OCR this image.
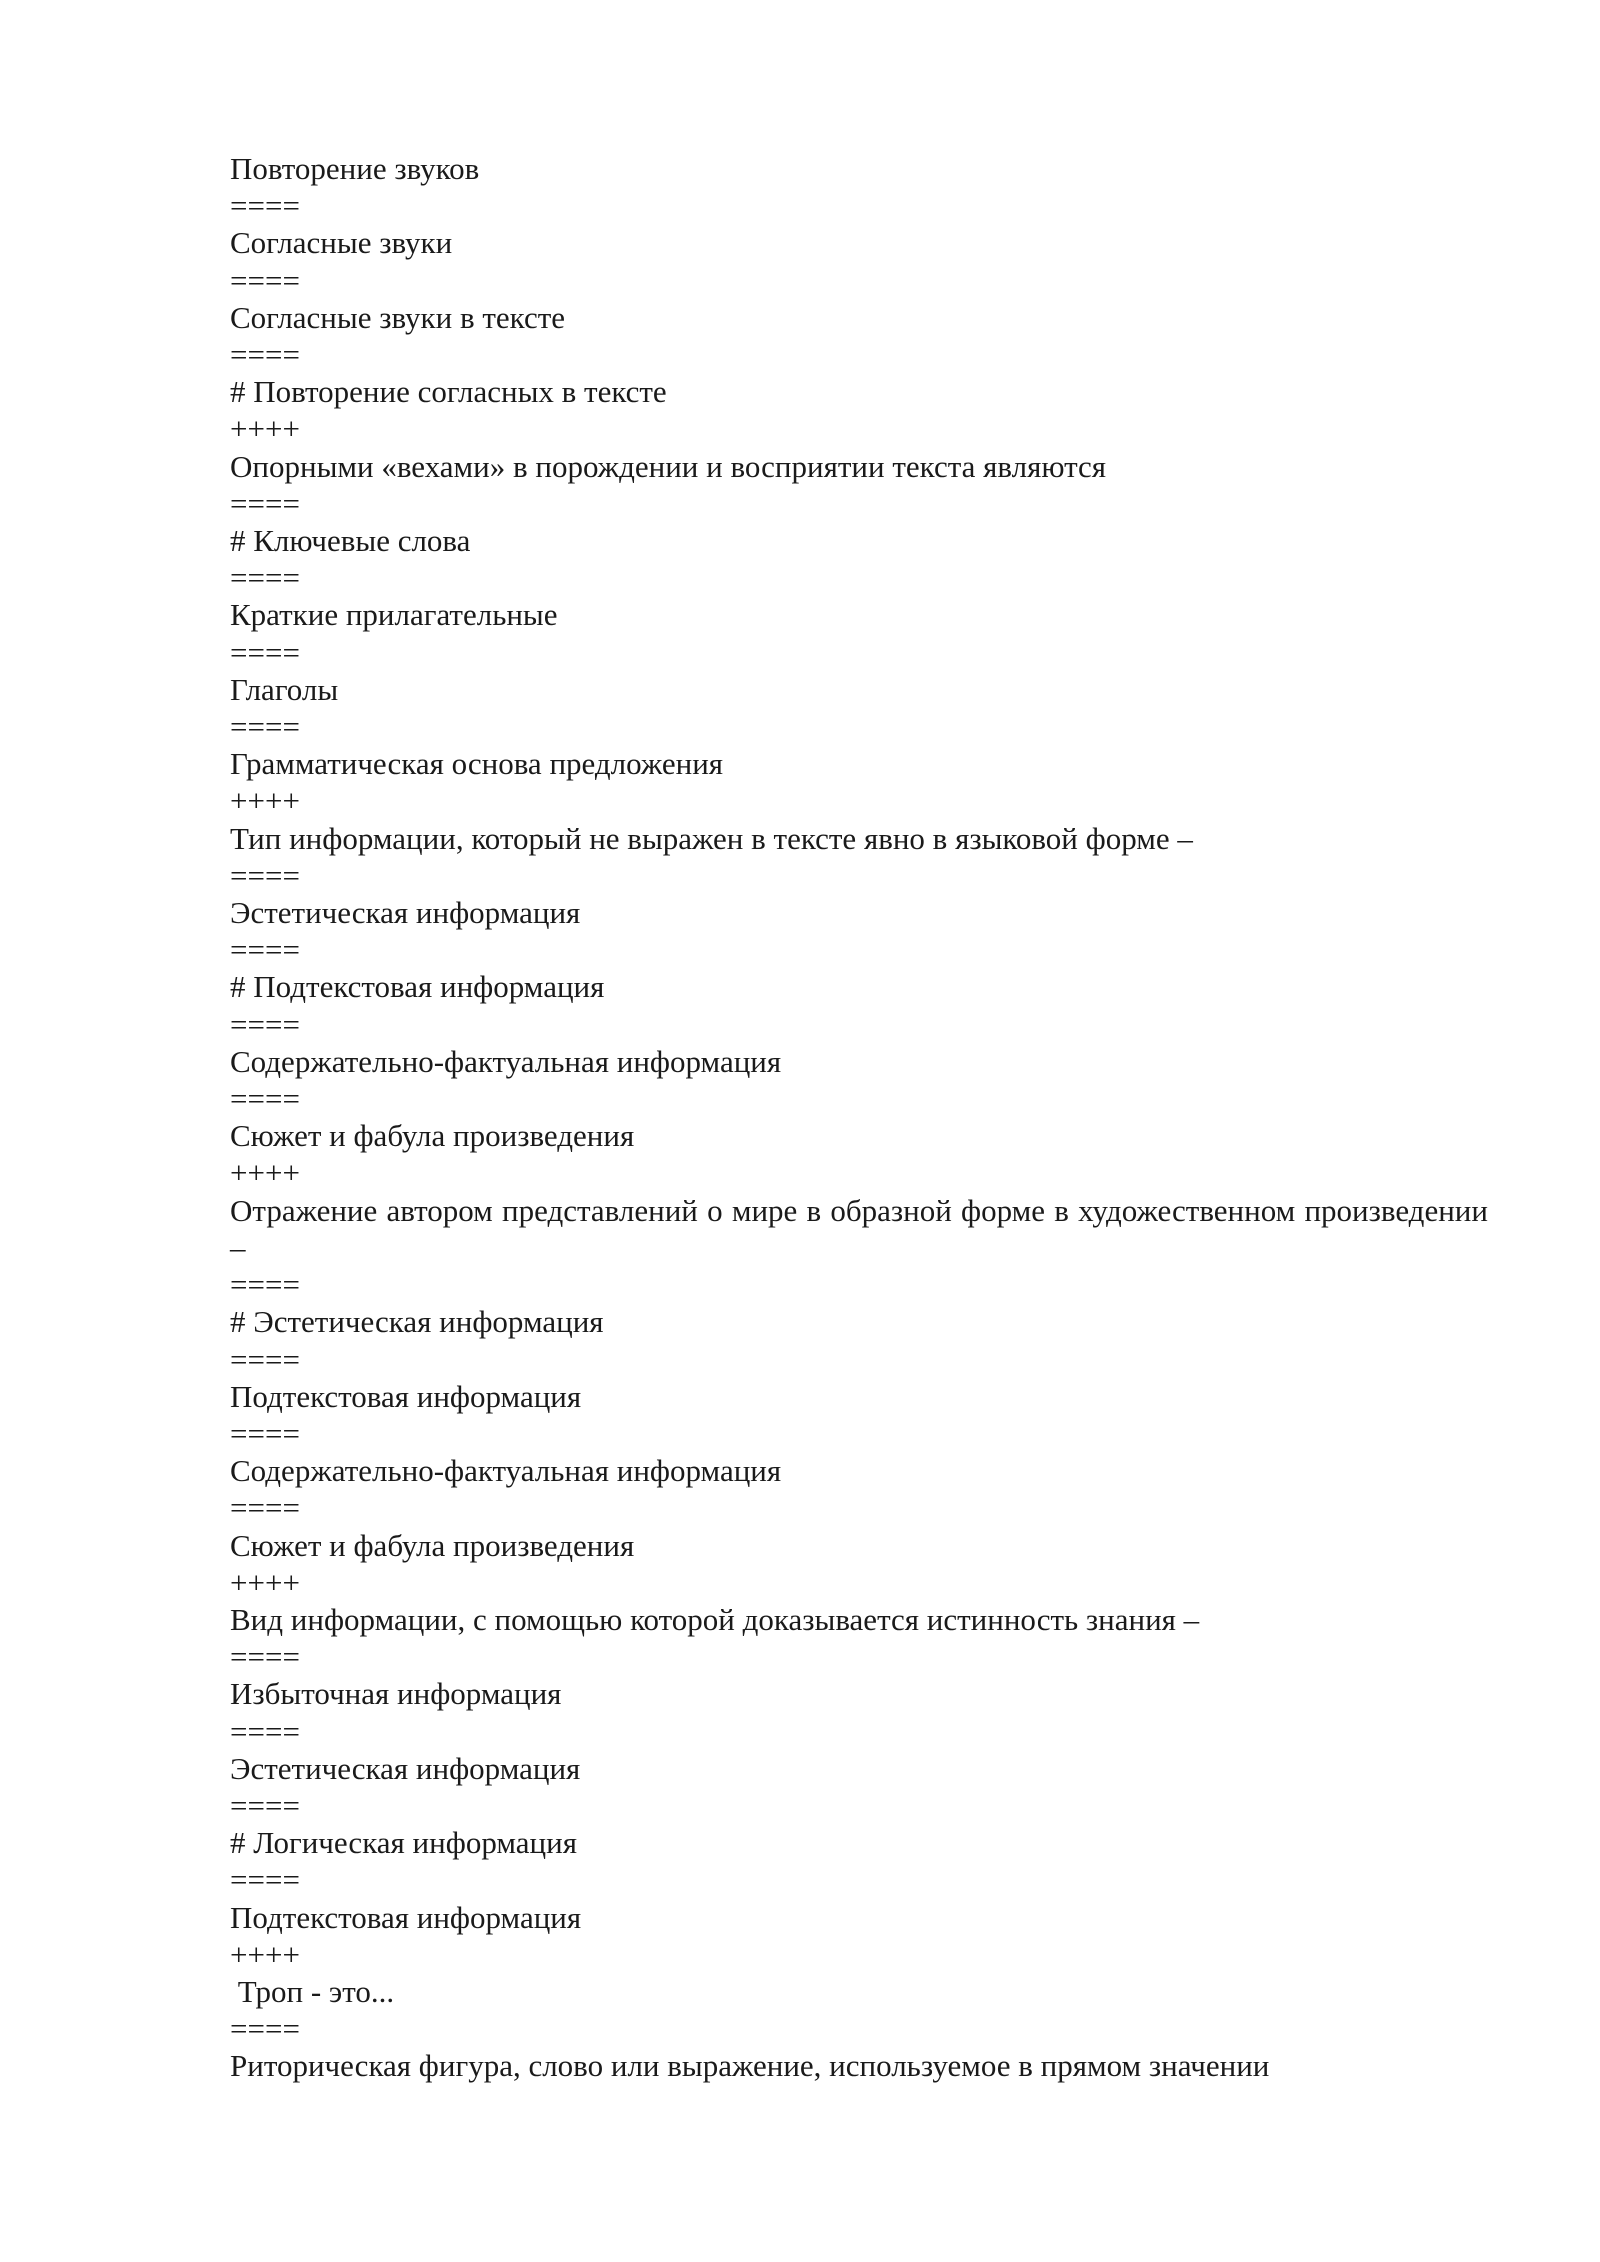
Повторение звуков
====
Согласные звуки
====
Согласные звуки в тексте
====
# Повторение согласных в тексте
++++
Опорными «вехами» в порождении и восприятии текста являются
====
# Ключевые слова
====
Краткие прилагательные
====
Глаголы
====
Грамматическая основа предложения
++++
Тип информации, который не выражен в тексте явно в языковой форме –
====
Эстетическая информация
====
# Подтекстовая информация
====
Содержательно-фактуальная информация
====
Сюжет и фабула произведения
++++
Отражение автором представлений о мире в образной форме в художественном произведении –
====
# Эстетическая информация
====
Подтекстовая информация
====
Содержательно-фактуальная информация
====
Сюжет и фабула произведения
++++
Вид информации, с помощью которой доказывается истинность знания –
====
Избыточная информация
====
Эстетическая информация
====
# Логическая информация
====
Подтекстовая информация
++++
Троп - это...
====
Риторическая фигура, слово или выражение, используемое в прямом значении
